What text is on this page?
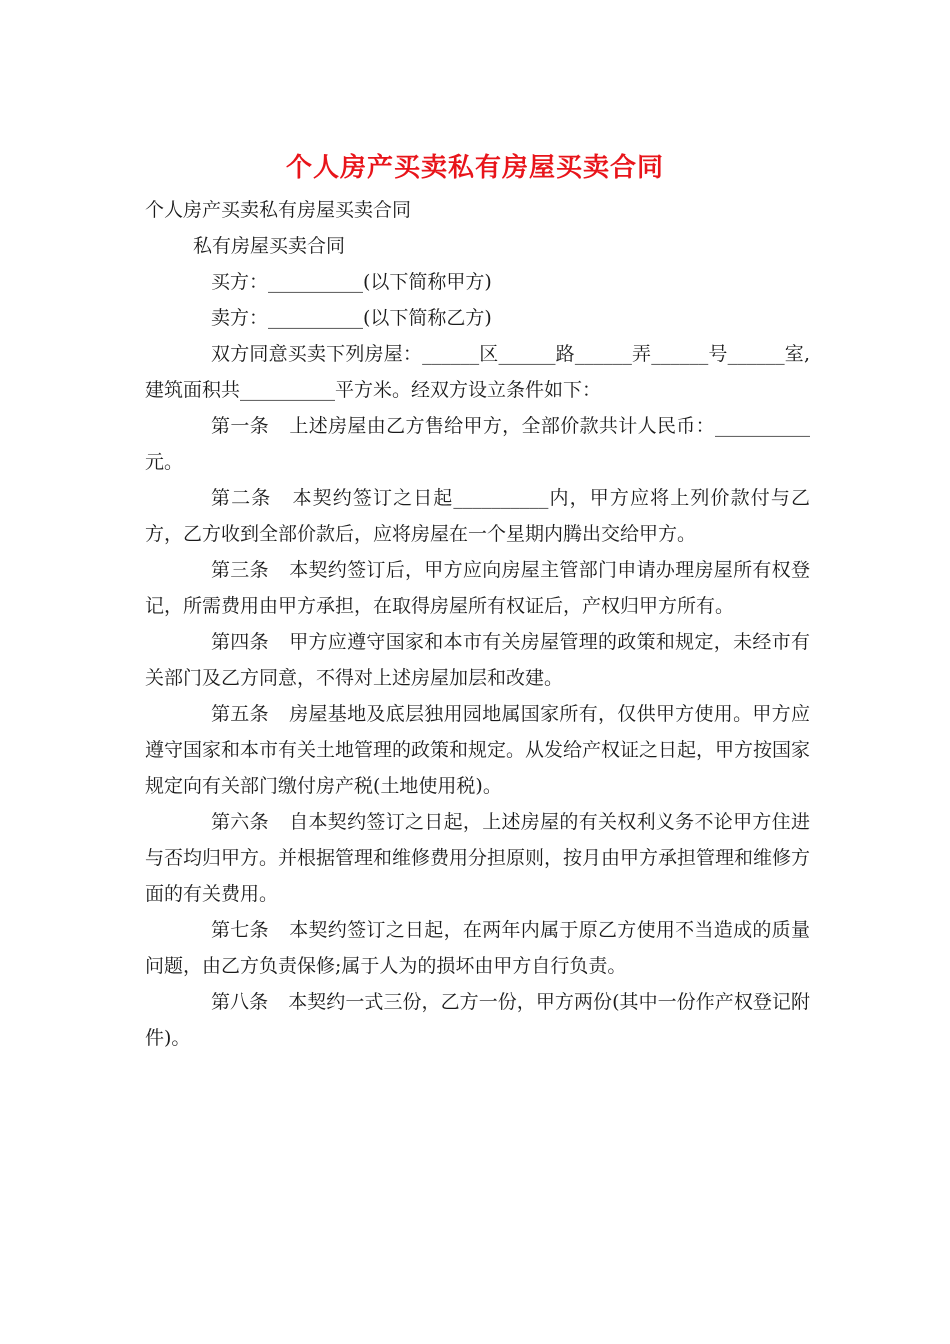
个人房产买卖私有房屋买卖合同
个人房产买卖私有房屋买卖合同
私有房屋买卖合同
买方：__________(以下简称甲方)
卖方：__________(以下简称乙方)

双方同意买卖下列房屋：______区______路______弄______号______室,建筑面积共__________平方米。经双方设立条件如下：

第一条 上述房屋由乙方售给甲方，全部价款共计人民币：__________元。

第二条 本契约签订之日起__________内，甲方应将上列价款付与乙方，乙方收到全部价款后，应将房屋在一个星期内腾出交给甲方。

第三条 本契约签订后，甲方应向房屋主管部门申请办理房屋所有权登记，所需费用由甲方承担，在取得房屋所有权证后，产权归甲方所有。

第四条 甲方应遵守国家和本市有关房屋管理的政策和规定，未经市有关部门及乙方同意，不得对上述房屋加层和改建。

第五条 房屋基地及底层独用园地属国家所有，仅供甲方使用。甲方应遵守国家和本市有关土地管理的政策和规定。从发给产权证之日起，甲方按国家规定向有关部门缴付房产税(土地使用税)。

第六条 自本契约签订之日起，上述房屋的有关权利义务不论甲方住进与否均归甲方。并根据管理和维修费用分担原则，按月由甲方承担管理和维修方面的有关费用。

第七条 本契约签订之日起，在两年内属于原乙方使用不当造成的质量问题，由乙方负责保修;属于人为的损坏由甲方自行负责。

第八条 本契约一式三份，乙方一份，甲方两份(其中一份作产权登记附件)。
